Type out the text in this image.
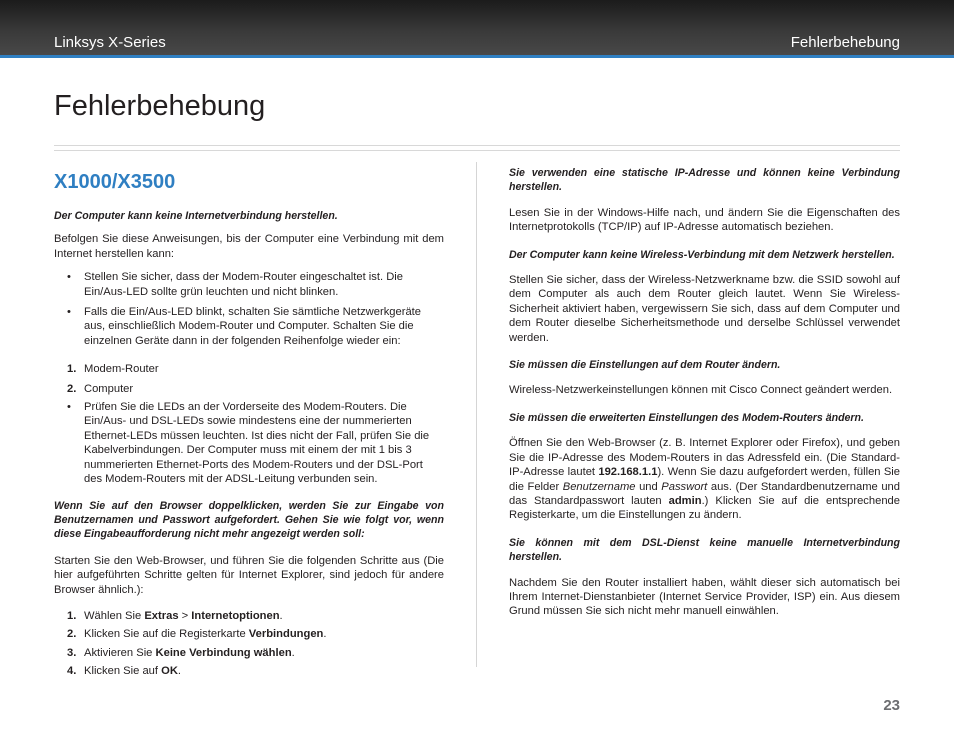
Linksys X-Series	Fehlerbehebung
Fehlerbehebung
X1000/X3500

Der Computer kann keine Internetverbindung herstellen.

Befolgen Sie diese Anweisungen, bis der Computer eine Verbindung mit dem Internet herstellen kann:

• Stellen Sie sicher, dass der Modem-Router eingeschaltet ist. Die Ein/Aus-LED sollte grün leuchten und nicht blinken.
• Falls die Ein/Aus-LED blinkt, schalten Sie sämtliche Netzwerkgeräte aus, einschließlich Modem-Router und Computer. Schalten Sie die einzelnen Geräte dann in der folgenden Reihenfolge wieder ein:
1. Modem-Router
2. Computer
• Prüfen Sie die LEDs an der Vorderseite des Modem-Routers. Die Ein/Aus- und DSL-LEDs sowie mindestens eine der nummerierten Ethernet-LEDs müssen leuchten. Ist dies nicht der Fall, prüfen Sie die Kabelverbindungen. Der Computer muss mit einem der mit 1 bis 3 nummerierten Ethernet-Ports des Modem-Routers und der DSL-Port des Modem-Routers mit der ADSL-Leitung verbunden sein.

Wenn Sie auf den Browser doppelklicken, werden Sie zur Eingabe von Benutzernamen und Passwort aufgefordert. Gehen Sie wie folgt vor, wenn diese Eingabeaufforderung nicht mehr angezeigt werden soll:

Starten Sie den Web-Browser, und führen Sie die folgenden Schritte aus (Die hier aufgeführten Schritte gelten für Internet Explorer, sind jedoch für andere Browser ähnlich.):

1. Wählen Sie Extras > Internetoptionen.
2. Klicken Sie auf die Registerkarte Verbindungen.
3. Aktivieren Sie Keine Verbindung wählen.
4. Klicken Sie auf OK.

Sie verwenden eine statische IP-Adresse und können keine Verbindung herstellen.

Lesen Sie in der Windows-Hilfe nach, und ändern Sie die Eigenschaften des Internetprotokolls (TCP/IP) auf IP-Adresse automatisch beziehen.

Der Computer kann keine Wireless-Verbindung mit dem Netzwerk herstellen.

Stellen Sie sicher, dass der Wireless-Netzwerkname bzw. die SSID sowohl auf dem Computer als auch dem Router gleich lautet. Wenn Sie Wireless-Sicherheit aktiviert haben, vergewissern Sie sich, dass auf dem Computer und dem Router dieselbe Sicherheitsmethode und derselbe Schlüssel verwendet werden.

Sie müssen die Einstellungen auf dem Router ändern.

Wireless-Netzwerkeinstellungen können mit Cisco Connect geändert werden.

Sie müssen die erweiterten Einstellungen des Modem-Routers ändern.

Öffnen Sie den Web-Browser (z. B. Internet Explorer oder Firefox), und geben Sie die IP-Adresse des Modem-Routers in das Adressfeld ein. (Die Standard-IP-Adresse lautet 192.168.1.1). Wenn Sie dazu aufgefordert werden, füllen Sie die Felder Benutzername und Passwort aus. (Der Standardbenutzername und das Standardpasswort lauten admin.) Klicken Sie auf die entsprechende Registerkarte, um die Einstellungen zu ändern.

Sie können mit dem DSL-Dienst keine manuelle Internetverbindung herstellen.

Nachdem Sie den Router installiert haben, wählt dieser sich automatisch bei Ihrem Internet-Dienstanbieter (Internet Service Provider, ISP) ein. Aus diesem Grund müssen Sie sich nicht mehr manuell einwählen.

23
